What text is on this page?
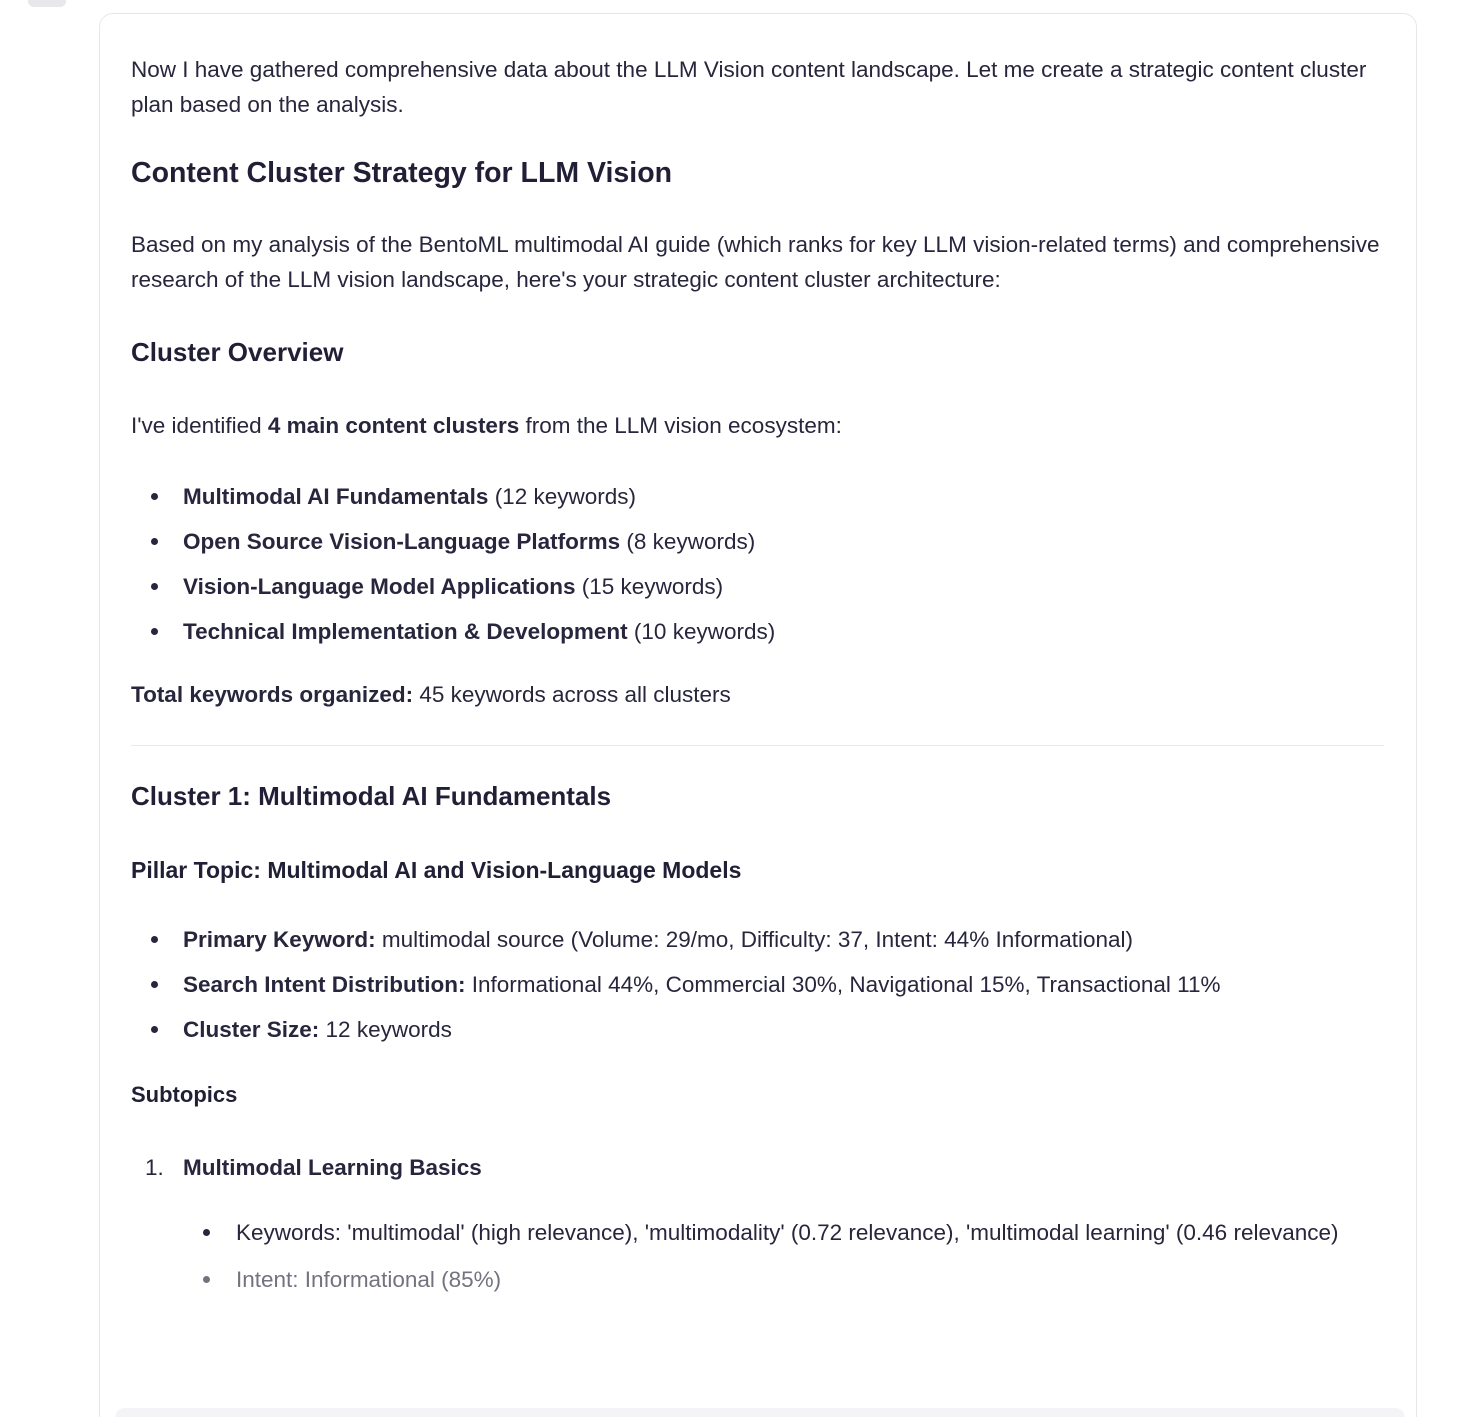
Now I have gathered comprehensive data about the LLM Vision content landscape. Let me create a strategic content cluster plan based on the analysis.

Content Cluster Strategy for LLM Vision

Based on my analysis of the BentoML multimodal AI guide (which ranks for key LLM vision-related terms) and comprehensive research of the LLM vision landscape, here's your strategic content cluster architecture:

Cluster Overview

I've identified 4 main content clusters from the LLM vision ecosystem:

Multimodal AI Fundamentals (12 keywords)
Open Source Vision-Language Platforms (8 keywords)
Vision-Language Model Applications (15 keywords)
Technical Implementation & Development (10 keywords)

Total keywords organized: 45 keywords across all clusters

Cluster 1: Multimodal AI Fundamentals
Pillar Topic: Multimodal AI and Vision-Language Models
Primary Keyword: multimodal source (Volume: 29/mo, Difficulty: 37, Intent: 44% Informational)
Search Intent Distribution: Informational 44%, Commercial 30%, Navigational 15%, Transactional 11%
Cluster Size: 12 keywords
Subtopics
1. Multimodal Learning Basics
Keywords: 'multimodal' (high relevance), 'multimodality' (0.72 relevance), 'multimodal learning' (0.46 relevance)
Intent: Informational (85%)
